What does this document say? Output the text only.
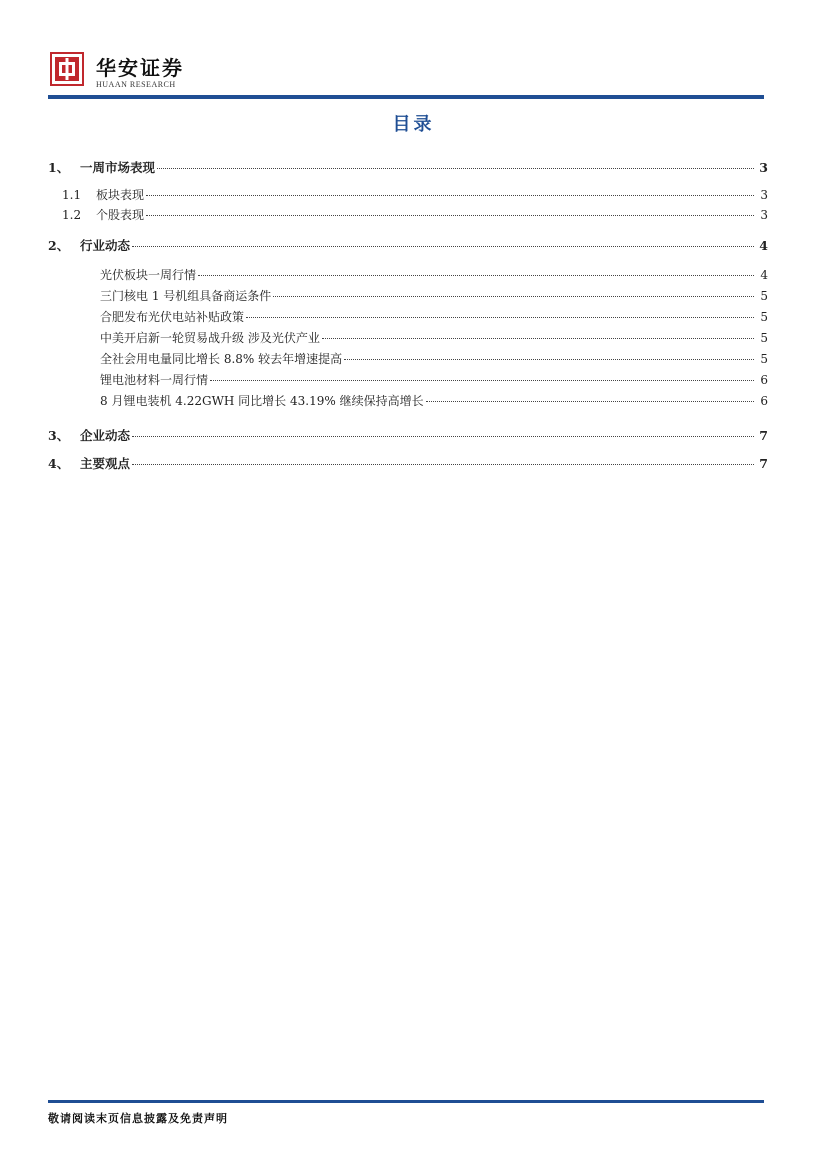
华安证券
HUAAN RESEARCH
目录
1、 一周市场表现	3
1.1	板块表现	3
1.2	个股表现	3
2、 行业动态	4
光伏板块一周行情	4
三门核电 1 号机组具备商运条件	5
合肥发布光伏电站补贴政策	5
中美开启新一轮贸易战升级 涉及光伏产业	5
全社会用电量同比增长 8.8% 较去年增速提高	5
锂电池材料一周行情	6
8 月锂电装机 4.22GWH 同比增长 43.19% 继续保持高增长	6
3、 企业动态	7
4、 主要观点	7
敬请阅读末页信息披露及免责声明
